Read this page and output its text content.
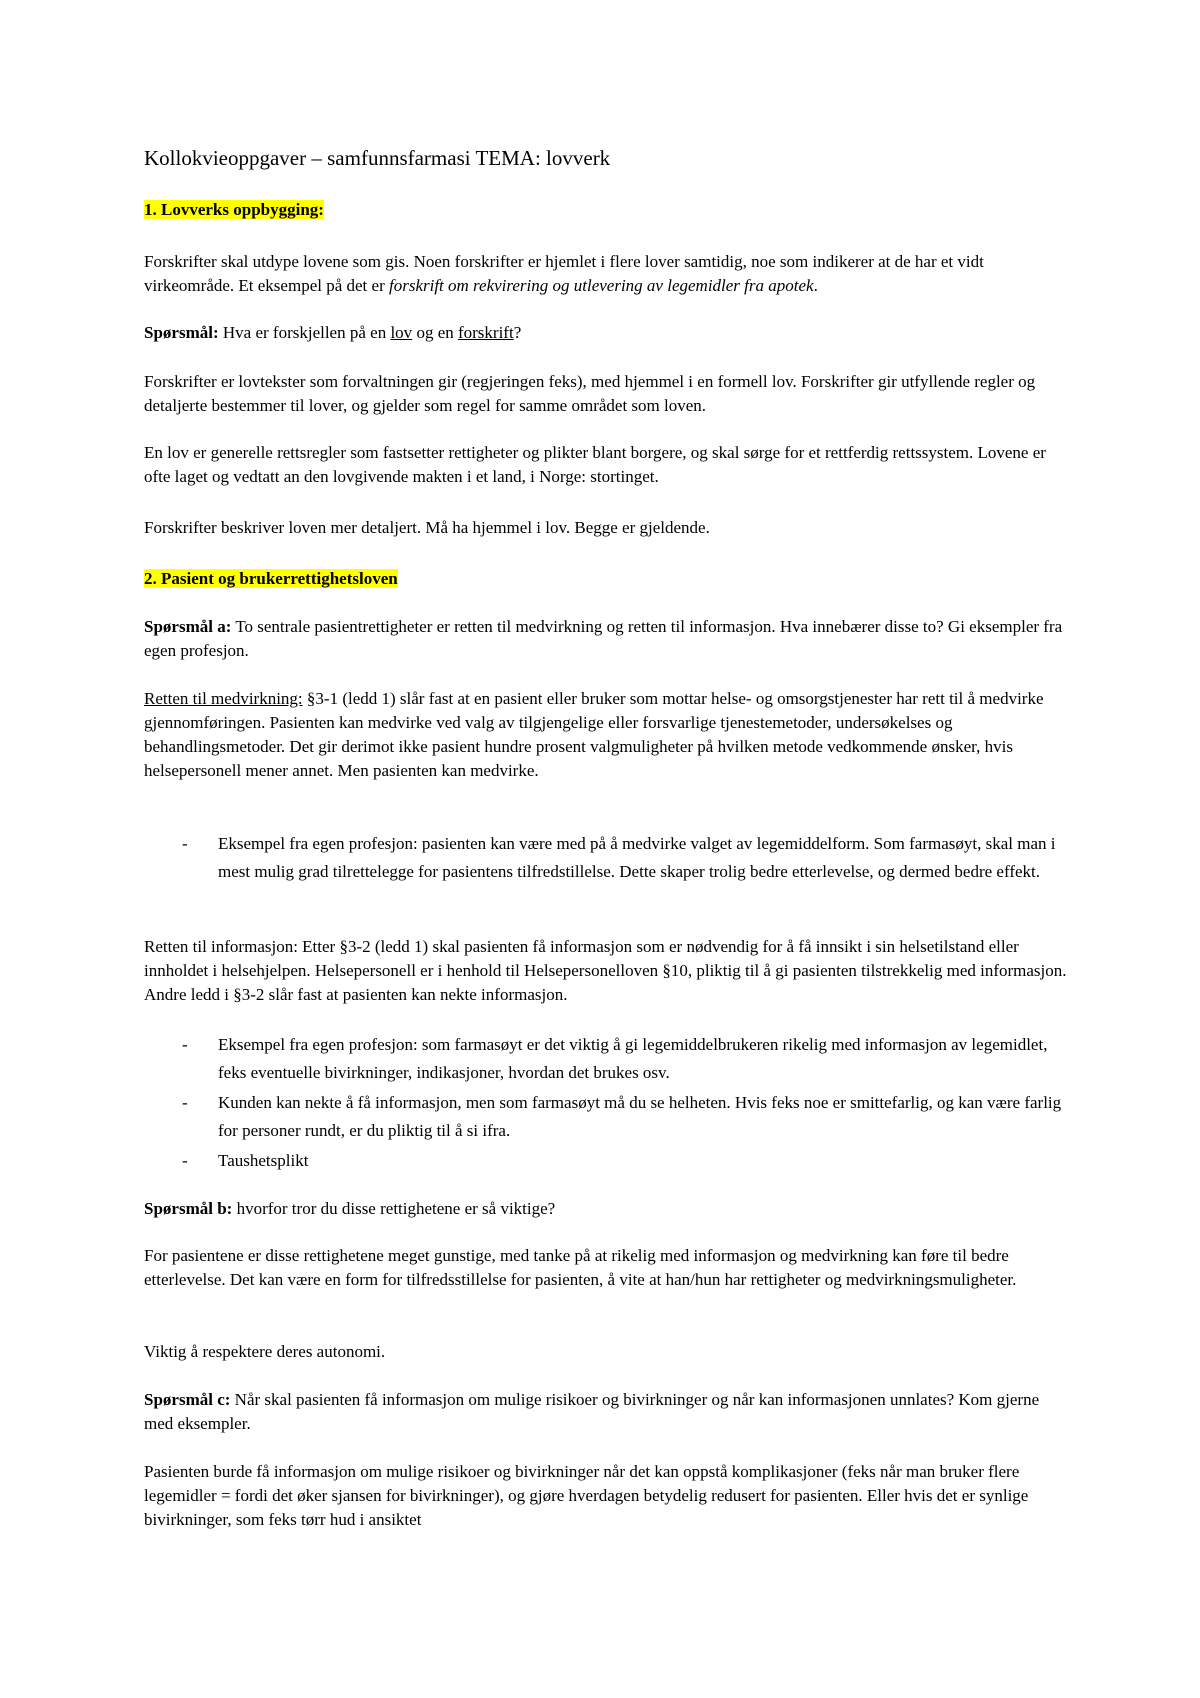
Kollokvieoppgaver – samfunnsfarmasi TEMA: lovverk

1. Lovverks oppbygging:

Forskrifter skal utdype lovene som gis. Noen forskrifter er hjemlet i flere lover samtidig, noe som indikerer at de har et vidt virkeområde. Et eksempel på det er forskrift om rekvirering og utlevering av legemidler fra apotek.

Spørsmål: Hva er forskjellen på en lov og en forskrift?

Forskrifter er lovtekster som forvaltningen gir (regjeringen feks), med hjemmel i en formell lov. Forskrifter gir utfyllende regler og detaljerte bestemmer til lover, og gjelder som regel for samme området som loven.

En lov er generelle rettsregler som fastsetter rettigheter og plikter blant borgere, og skal sørge for et rettferdig rettssystem. Lovene er ofte laget og vedtatt an den lovgivende makten i et land, i Norge: stortinget.

Forskrifter beskriver loven mer detaljert. Må ha hjemmel i lov. Begge er gjeldende.

2. Pasient og brukerrettighetsloven

Spørsmål a: To sentrale pasientrettigheter er retten til medvirkning og retten til informasjon. Hva innebærer disse to? Gi eksempler fra egen profesjon.

Retten til medvirkning: §3-1 (ledd 1) slår fast at en pasient eller bruker som mottar helse- og omsorgstjenester har rett til å medvirke gjennomføringen. Pasienten kan medvirke ved valg av tilgjengelige eller forsvarlige tjenestemetoder, undersøkelses og behandlingsmetoder. Det gir derimot ikke pasient hundre prosent valgmuligheter på hvilken metode vedkommende ønsker, hvis helsepersonell mener annet. Men pasienten kan medvirke.

- Eksempel fra egen profesjon: pasienten kan være med på å medvirke valget av legemiddelform. Som farmasøyt, skal man i mest mulig grad tilrettelegge for pasientens tilfredstillelse. Dette skaper trolig bedre etterlevelse, og dermed bedre effekt.

Retten til informasjon: Etter §3-2 (ledd 1) skal pasienten få informasjon som er nødvendig for å få innsikt i sin helsetilstand eller innholdet i helsehjelpen. Helsepersonell er i henhold til Helsepersonelloven §10, pliktig til å gi pasienten tilstrekkelig med informasjon. Andre ledd i §3-2 slår fast at pasienten kan nekte informasjon.

- Eksempel fra egen profesjon: som farmasøyt er det viktig å gi legemiddelbrukeren rikelig med informasjon av legemidlet, feks eventuelle bivirkninger, indikasjoner, hvordan det brukes osv.
- Kunden kan nekte å få informasjon, men som farmasøyt må du se helheten. Hvis feks noe er smittefarlig, og kan være farlig for personer rundt, er du pliktig til å si ifra.
- Taushetsplikt

Spørsmål b: hvorfor tror du disse rettighetene er så viktige?

For pasientene er disse rettighetene meget gunstige, med tanke på at rikelig med informasjon og medvirkning kan føre til bedre etterlevelse. Det kan være en form for tilfredsstillelse for pasienten, å vite at han/hun har rettigheter og medvirkningsmuligheter.

Viktig å respektere deres autonomi.

Spørsmål c: Når skal pasienten få informasjon om mulige risikoer og bivirkninger og når kan informasjonen unnlates? Kom gjerne med eksempler.

Pasienten burde få informasjon om mulige risikoer og bivirkninger når det kan oppstå komplikasjoner (feks når man bruker flere legemidler = fordi det øker sjansen for bivirkninger), og gjøre hverdagen betydelig redusert for pasienten. Eller hvis det er synlige bivirkninger, som feks tørr hud i ansiktet
